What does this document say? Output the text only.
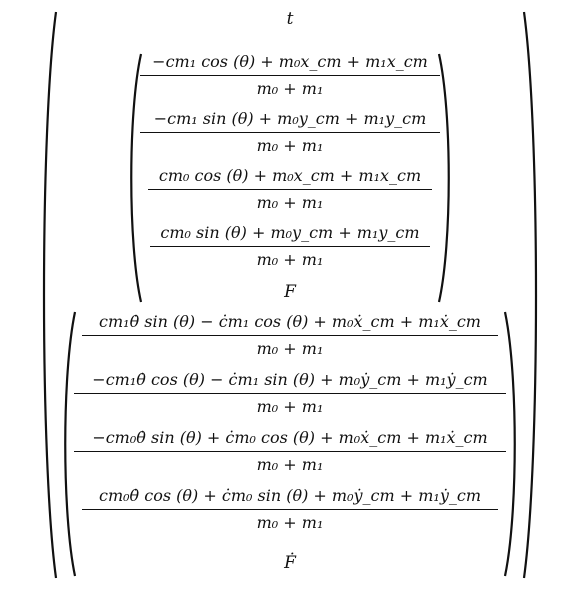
t
−cm₁ cos (θ) + m₀x_cm + m₁x_cm
m₀ + m₁
−cm₁ sin (θ) + m₀y_cm + m₁y_cm
m₀ + m₁
cm₀ cos (θ) + m₀x_cm + m₁x_cm
m₀ + m₁
cm₀ sin (θ) + m₀y_cm + m₁y_cm
m₀ + m₁
F
cm₁θ̇ sin (θ) − ċm₁ cos (θ) + m₀ẋ_cm + m₁ẋ_cm
m₀ + m₁
−cm₁θ̇ cos (θ) − ċm₁ sin (θ) + m₀ẏ_cm + m₁ẏ_cm
m₀ + m₁
−cm₀θ̇ sin (θ) + ċm₀ cos (θ) + m₀ẋ_cm + m₁ẋ_cm
m₀ + m₁
cm₀θ̇ cos (θ) + ċm₀ sin (θ) + m₀ẏ_cm + m₁ẏ_cm
m₀ + m₁
Ḟ
